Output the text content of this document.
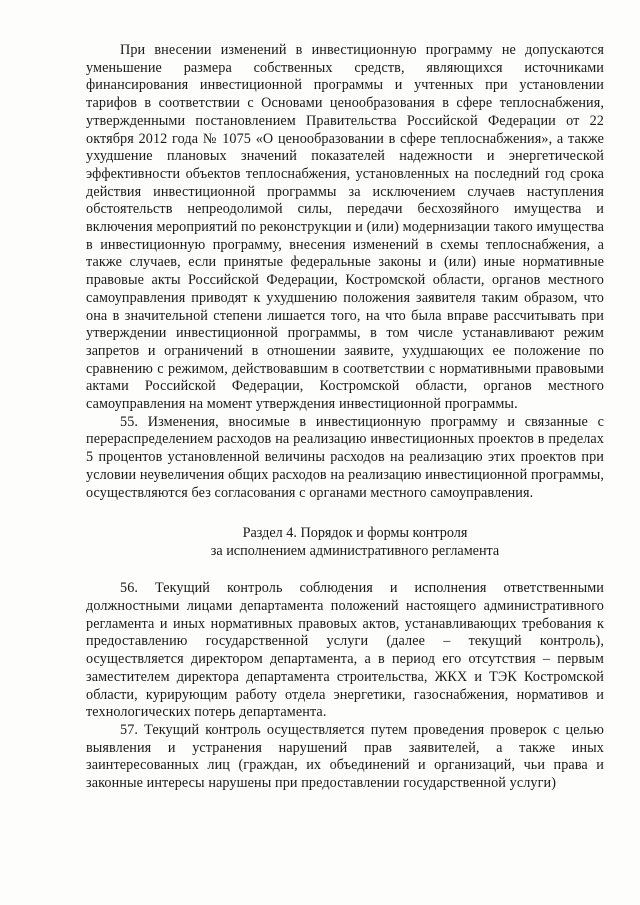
При внесении изменений в инвестиционную программу не допускаются уменьшение размера собственных средств, являющихся источниками финансирования инвестиционной программы и учтенных при установлении тарифов в соответствии с Основами ценообразования в сфере теплоснабжения, утвержденными постановлением Правительства Российской Федерации от 22 октября 2012 года № 1075 «О ценообразовании в сфере теплоснабжения», а также ухудшение плановых значений показателей надежности и энергетической эффективности объектов теплоснабжения, установленных на последний год срока действия инвестиционной программы за исключением случаев наступления обстоятельств непреодолимой силы, передачи бесхозяйного имущества и включения мероприятий по реконструкции и (или) модернизации такого имущества в инвестиционную программу, внесения изменений в схемы теплоснабжения, а также случаев, если принятые федеральные законы и (или) иные нормативные правовые акты Российской Федерации, Костромской области, органов местного самоуправления приводят к ухудшению положения заявителя таким образом, что она в значительной степени лишается того, на что была вправе рассчитывать при утверждении инвестиционной программы, в том числе устанавливают режим запретов и ограничений в отношении заявите, ухудшающих ее положение по сравнению с режимом, действовавшим в соответствии с нормативными правовыми актами Российской Федерации, Костромской области, органов местного самоуправления на момент утверждения инвестиционной программы.

55. Изменения, вносимые в инвестиционную программу и связанные с перераспределением расходов на реализацию инвестиционных проектов в пределах 5 процентов установленной величины расходов на реализацию этих проектов при условии неувеличения общих расходов на реализацию инвестиционной программы, осуществляются без согласования с органами местного самоуправления.

Раздел 4. Порядок и формы контроля
за исполнением административного регламента

56. Текущий контроль соблюдения и исполнения ответственными должностными лицами департамента положений настоящего административного регламента и иных нормативных правовых актов, устанавливающих требования к предоставлению государственной услуги (далее – текущий контроль), осуществляется директором департамента, а в период его отсутствия – первым заместителем директора департамента строительства, ЖКХ и ТЭК Костромской области, курирующим работу отдела энергетики, газоснабжения, нормативов и технологических потерь департамента.

57. Текущий контроль осуществляется путем проведения проверок с целью выявления и устранения нарушений прав заявителей, а также иных заинтересованных лиц (граждан, их объединений и организаций, чьи права и законные интересы нарушены при предоставлении государственной услуги)
